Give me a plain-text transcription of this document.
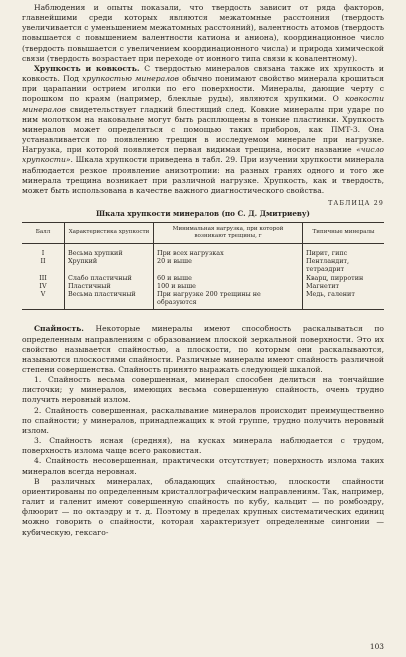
Наблюдения и опыты показали, что твердость зависит от ряда факторов, главнейшими среди которых являются межатомные расстояния (твердость увеличивается с уменьшением межатомных расстояний), валентность атомов (твердость повышается с повышением валентности катиона и аниона), координационное число (твердость повышается с увеличением координационного числа) и природа химической связи (твердость возрастает при переходе от ионного типа связи к ковалентному).

Хрупкость и ковкость. С твердостью минералов связана также их хрупкость и ковкость. Под хрупкостью минералов обычно понимают свойство минерала крошиться при царапании острием иголки по его поверхности. Минералы, дающие черту с порошком по краям (например, блеклые руды), являются хрупкими. О ковкости минералов свидетельствует гладкий блестящий след. Ковкие минералы при ударе по ним молотком на наковальне могут быть расплющены в тонкие пластинки. Хрупкость минералов может определяться с помощью таких приборов, как ПМТ-3. Она устанавливается по появлению трещин в исследуемом минерале при нагрузке. Нагрузка, при которой появляется первая видимая трещина, носит название «число хрупкости». Шкала хрупкости приведена в табл. 29. При изучении хрупкости минерала наблюдается резкое проявление анизотропии: на разных гранях одного и того же минерала трещина возникает при различной нагрузке. Хрупкость, как и твердость, может быть использована в качестве важного диагностического свойства.

ТАБЛИЦА 29
Шкала хрупкости минералов (по С. Д. Дмитриеву)
Балл	Характеристика хрупкости	Минимальная нагрузка, при которой возникают трещины, г	Типичные минералы
I	Весьма хрупкий	При всех нагрузках	Пирит, гипс
II	Хрупкий	20 и выше	Пентландит, тетраэдрит
III	Слабо пластичный	60 и выше	Кварц, пирротин
IV	Пластичный	100 и выше	Магнетит
V	Весьма пластичный	При нагрузке 200 трещины не образуются	Медь, галенит

Спайность. Некоторые минералы имеют способность раскалываться по определенным направлениям с образованием плоской зеркальной поверхности. Это их свойство называется спайностью, а плоскости, по которым они раскалываются, называются плоскостями спайности. Различные минералы имеют спайность различной степени совершенства. Спайность принято выражать следующей шкалой.

1. Спайность весьма совершенная, минерал способен делиться на тончайшие листочки; у минералов, имеющих весьма совершенную спайность, очень трудно получить неровный излом.

2. Спайность совершенная, раскалывание минералов происходит преимущественно по спайности; у минералов, принадлежащих к этой группе, трудно получить неровный излом.

3. Спайность ясная (средняя), на кусках минерала наблюдается с трудом, поверхность излома чаще всего раковистая.

4. Спайность несовершенная, практически отсутствует; поверхность излома таких минералов всегда неровная.

В различных минералах, обладающих спайностью, плоскости спайности ориентированы по определенным кристаллографическим направлениям. Так, например, галит и галенит имеют совершенную спайность по кубу, кальцит — по ромбоэдру, флюорит — по октаэдру и т. д. Поэтому в пределах крупных систематических единиц можно говорить о спайности, которая характеризует определенные сингонии — кубическую, гексаго-

103
